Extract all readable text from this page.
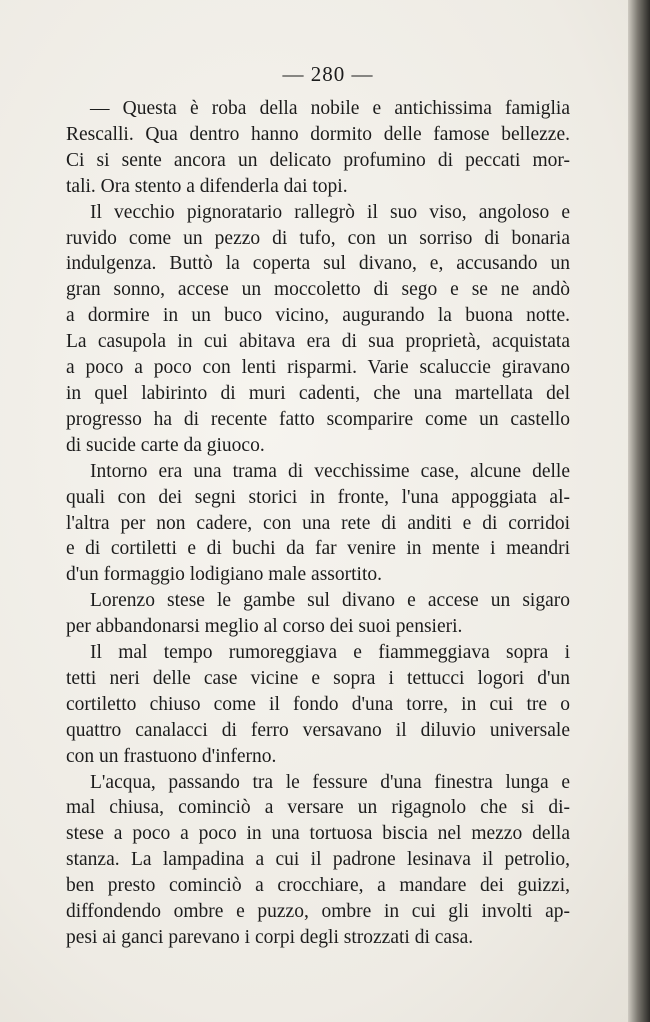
— 280 —

— Questa è roba della nobile e antichissima famiglia
Rescalli. Qua dentro hanno dormito delle famose bellezze.
Ci si sente ancora un delicato profumino di peccati mor-
tali. Ora stento a difenderla dai topi.

Il vecchio pignoratario rallegrò il suo viso, angoloso e
ruvido come un pezzo di tufo, con un sorriso di bonaria
indulgenza. Buttò la coperta sul divano, e, accusando un
gran sonno, accese un moccoletto di sego e se ne andò
a dormire in un buco vicino, augurando la buona notte.
La casupola in cui abitava era di sua proprietà, acquistata
a poco a poco con lenti risparmi. Varie scaluccie giravano
in quel labirinto di muri cadenti, che una martellata del
progresso ha di recente fatto scomparire come un castello
di sucide carte da giuoco.

Intorno era una trama di vecchissime case, alcune delle
quali con dei segni storici in fronte, l'una appoggiata al-
l'altra per non cadere, con una rete di anditi e di corridoi
e di cortiletti e di buchi da far venire in mente i meandri
d'un formaggio lodigiano male assortito.

Lorenzo stese le gambe sul divano e accese un sigaro
per abbandonarsi meglio al corso dei suoi pensieri.

Il mal tempo rumoreggiava e fiammeggiava sopra i
tetti neri delle case vicine e sopra i tettucci logori d'un
cortiletto chiuso come il fondo d'una torre, in cui tre o
quattro canalacci di ferro versavano il diluvio universale
con un frastuono d'inferno.

L'acqua, passando tra le fessure d'una finestra lunga e
mal chiusa, cominciò a versare un rigagnolo che si di-
stese a poco a poco in una tortuosa biscia nel mezzo della
stanza. La lampadina a cui il padrone lesinava il petrolio,
ben presto cominciò a crocchiare, a mandare dei guizzi,
diffondendo ombre e puzzo, ombre in cui gli involti ap-
pesi ai ganci parevano i corpi degli strozzati di casa.
